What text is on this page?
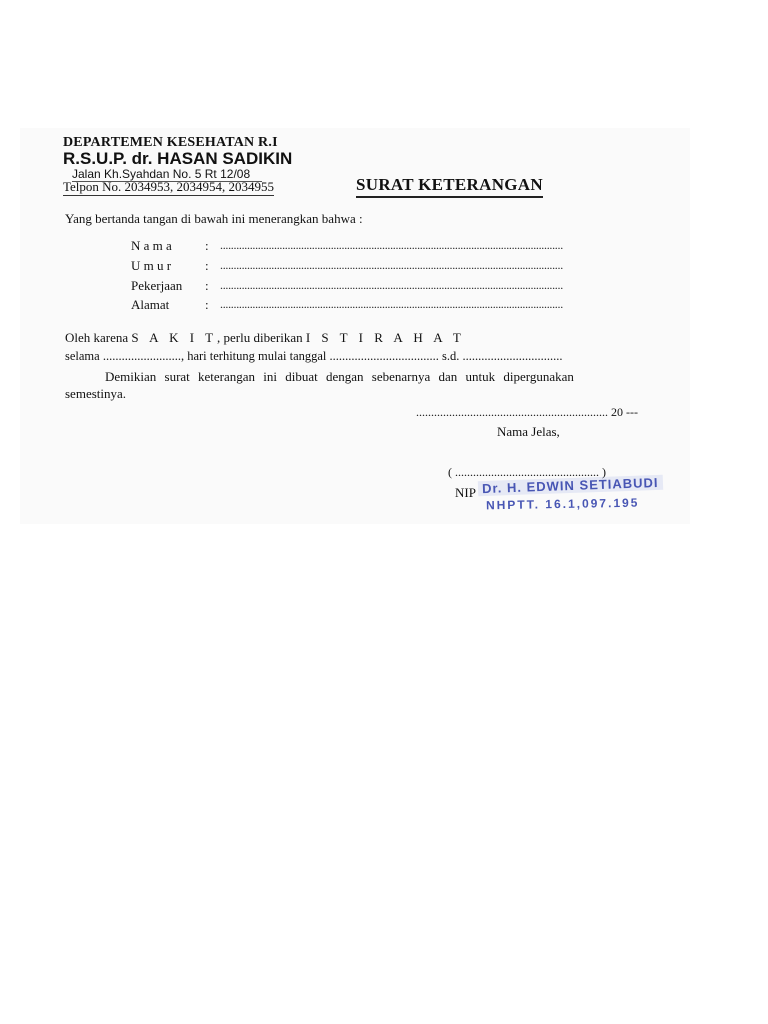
DEPARTEMEN KESEHATAN R.I
R.S.U.P. dr. HASAN SADIKIN
Jalan Kh.Syahdan No. 5 Rt 12/08
Telpon No. 2034953, 2034954, 2034955	SURAT KETERANGAN
Yang bertanda tangan di bawah ini menerangkan bahwa :
N a m a	: ...............................................................................................................................
U m u r	: ...............................................................................................................................
Pekerjaan : ...............................................................................................................................
Alamat	: ...............................................................................................................................
Oleh karena S A K I T, perlu diberikan I S T I R A H A T
selama ........................., hari terhitung mulai tanggal ................................... s.d. ................................
Demikian surat keterangan ini dibuat dengan sebenarnya dan untuk dipergunakan
semestinya.
................................................................ 20 ---
Nama Jelas,
( ................................................ )
NIP Dr. H. EDWIN SETIABUDI
NHPTT. 16.1,097.195
